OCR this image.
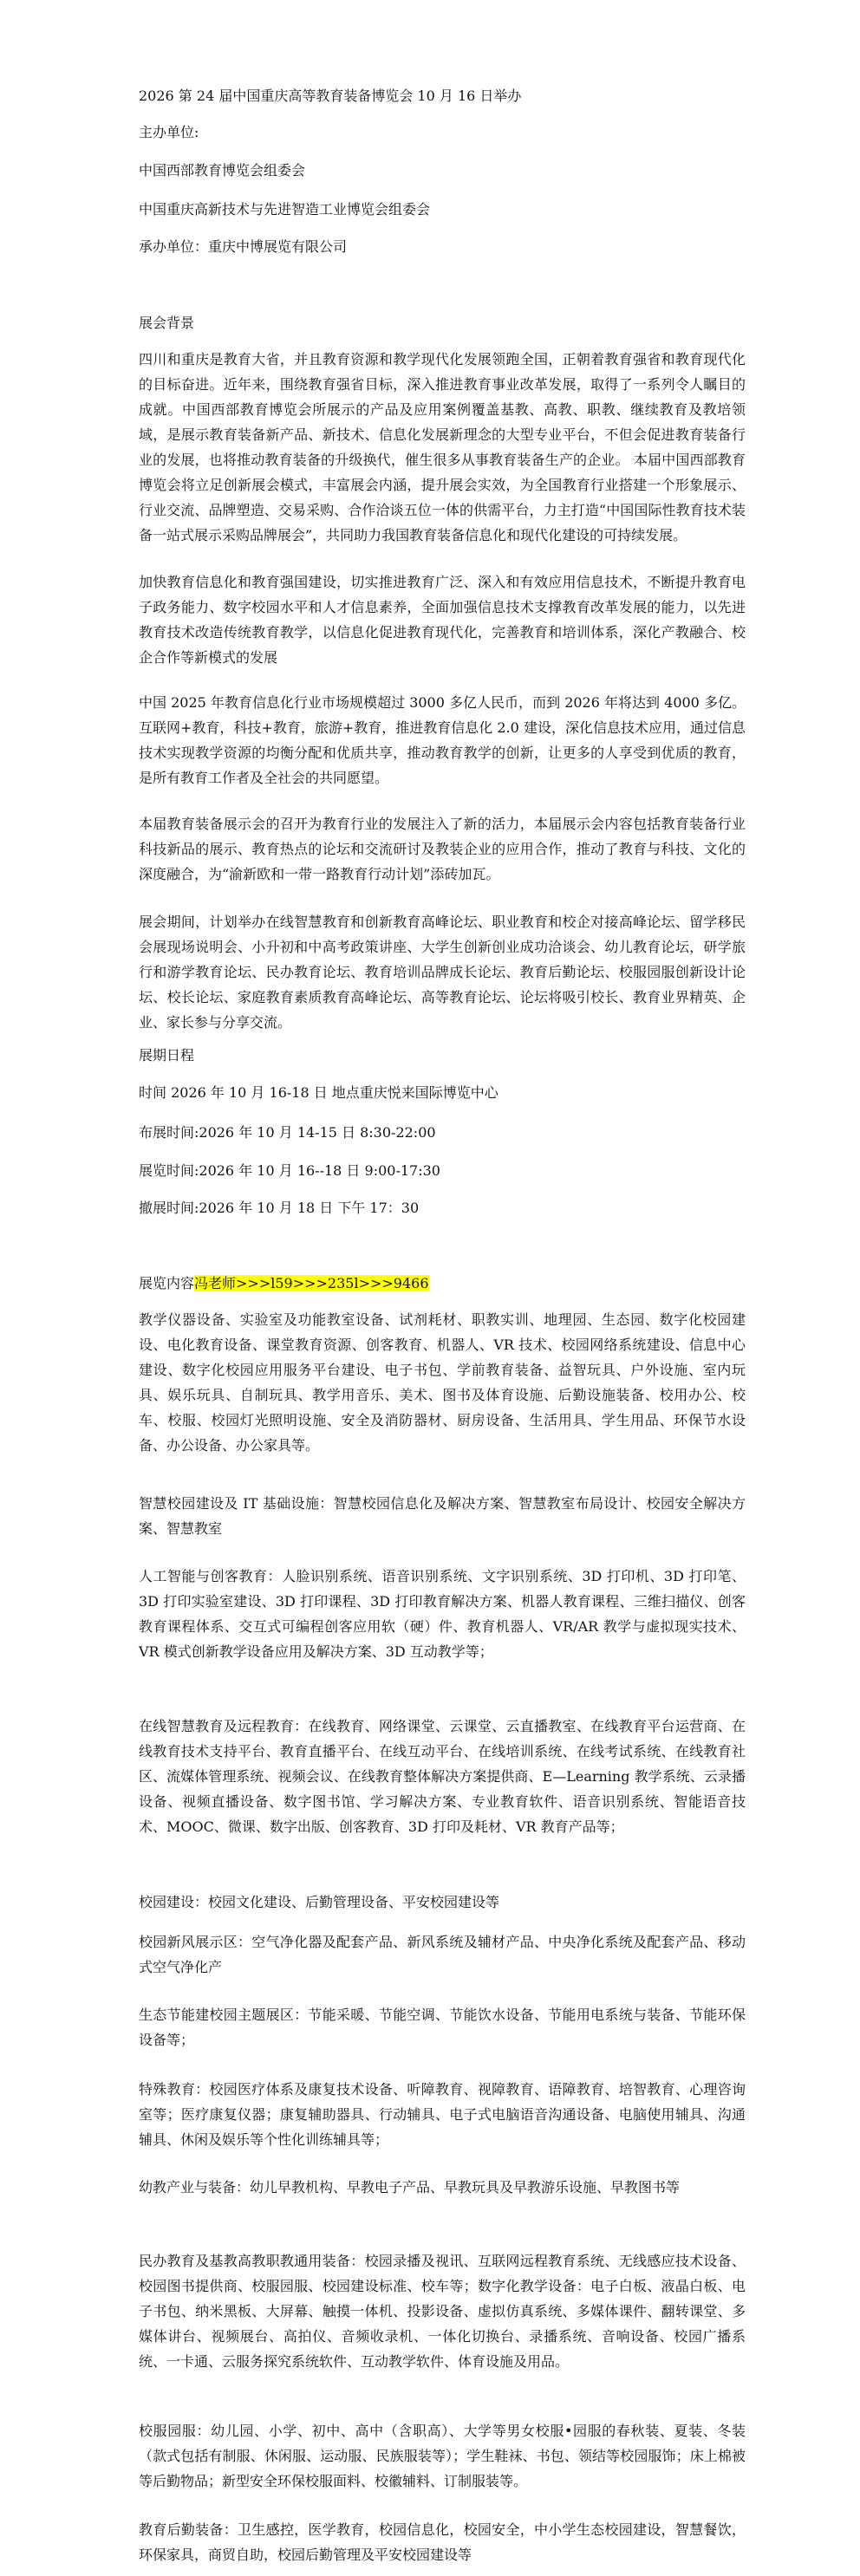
2026 第 24 届中国重庆高等教育装备博览会 10 月 16 日举办
主办单位:
中国西部教育博览会组委会
中国重庆高新技术与先进智造工业博览会组委会
承办单位：重庆中博展览有限公司
展会背景

四川和重庆是教育大省，并且教育资源和教学现代化发展领跑全国，正朝着教育强省和教育现代化的目标奋进。近年来，围绕教育强省目标，深入推进教育事业改革发展，取得了一系列令人瞩目的成就。中国西部教育博览会所展示的产品及应用案例覆盖基教、高教、职教、继续教育及教培领域，是展示教育装备新产品、新技术、信息化发展新理念的大型专业平台，不但会促进教育装备行业的发展，也将推动教育装备的升级换代，催生很多从事教育装备生产的企业。 本届中国西部教育博览会将立足创新展会模式，丰富展会内涵，提升展会实效，为全国教育行业搭建一个形象展示、行业交流、品牌塑造、交易采购、合作洽谈五位一体的供需平台，力主打造“中国国际性教育技术装备一站式展示采购品牌展会”，共同助力我国教育装备信息化和现代化建设的可持续发展。

加快教育信息化和教育强国建设，切实推进教育广泛、深入和有效应用信息技术，不断提升教育电子政务能力、数字校园水平和人才信息素养，全面加强信息技术支撑教育改革发展的能力，以先进教育技术改造传统教育教学，以信息化促进教育现代化，完善教育和培训体系，深化产教融合、校企合作等新模式的发展

中国 2025 年教育信息化行业市场规模超过 3000 多亿人民币，而到 2026 年将达到 4000 多亿。互联网+教育，科技+教育，旅游+教育，推进教育信息化 2.0 建设，深化信息技术应用，通过信息技术实现教学资源的均衡分配和优质共享，推动教育教学的创新，让更多的人享受到优质的教育，是所有教育工作者及全社会的共同愿望。

本届教育装备展示会的召开为教育行业的发展注入了新的活力，本届展示会内容包括教育装备行业科技新品的展示、教育热点的论坛和交流研讨及教装企业的应用合作，推动了教育与科技、文化的深度融合，为“渝新欧和一带一路教育行动计划”添砖加瓦。

展会期间，计划举办在线智慧教育和创新教育高峰论坛、职业教育和校企对接高峰论坛、留学移民会展现场说明会、小升初和中高考政策讲座、大学生创新创业成功洽谈会、幼儿教育论坛，研学旅行和游学教育论坛、民办教育论坛、教育培训品牌成长论坛、教育后勤论坛、校服园服创新设计论坛、校长论坛、家庭教育素质教育高峰论坛、高等教育论坛、论坛将吸引校长、教育业界精英、企业、家长参与分享交流。

展期日程
时间 2026 年 10 月 16-18 日 地点重庆悦来国际博览中心
布展时间:2026 年 10 月 14-15 日 8:30-22:00
展览时间:2026 年 10 月 16--18 日 9:00-17:30
撤展时间:2026 年 10 月 18 日 下午 17：30
展览内容冯老师>>>l59>>>235l>>>9466

教学仪器设备、实验室及功能教室设备、试剂耗材、职教实训、地理园、生态园、数字化校园建设、电化教育设备、课堂教育资源、创客教育、机器人、VR 技术、校园网络系统建设、信息中心建设、数字化校园应用服务平台建设、电子书包、学前教育装备、益智玩具、户外设施、室内玩具、娱乐玩具、自制玩具、教学用音乐、美术、图书及体育设施、后勤设施装备、校用办公、校车、校服、校园灯光照明设施、安全及消防器材、厨房设备、生活用具、学生用品、环保节水设备、办公设备、办公家具等。

智慧校园建设及 IT 基础设施：智慧校园信息化及解决方案、智慧教室布局设计、校园安全解决方案、智慧教室

人工智能与创客教育：人脸识别系统、语音识别系统、文字识别系统、3D 打印机、3D 打印笔、3D 打印实验室建设、3D 打印课程、3D 打印教育解决方案、机器人教育课程、三维扫描仪、创客教育课程体系、交互式可编程创客应用软（硬）件、教育机器人、VR/AR 教学与虚拟现实技术、VR 模式创新教学设备应用及解决方案、3D 互动教学等；

在线智慧教育及远程教育：在线教育、网络课堂、云课堂、云直播教室、在线教育平台运营商、在线教育技术支持平台、教育直播平台、在线互动平台、在线培训系统、在线考试系统、在线教育社区、流媒体管理系统、视频会议、在线教育整体解决方案提供商、E—Learning 教学系统、云录播设备、视频直播设备、数字图书馆、学习解决方案、专业教育软件、语音识别系统、智能语音技术、MOOC、微课、数字出版、创客教育、3D 打印及耗材、VR 教育产品等；

校园建设：校园文化建设、后勤管理设备、平安校园建设等

校园新风展示区：空气净化器及配套产品、新风系统及辅材产品、中央净化系统及配套产品、移动式空气净化产

生态节能建校园主题展区：节能采暖、节能空调、节能饮水设备、节能用电系统与装备、节能环保设备等；

特殊教育：校园医疗体系及康复技术设备、听障教育、视障教育、语障教育、培智教育、心理咨询室等；医疗康复仪器；康复辅助器具、行动辅具、电子式电脑语音沟通设备、电脑使用辅具、沟通辅具、休闲及娱乐等个性化训练辅具等；

幼教产业与装备：幼儿早教机构、早教电子产品、早教玩具及早教游乐设施、早教图书等

民办教育及基教高教职教通用装备：校园录播及视讯、互联网远程教育系统、无线感应技术设备、校园图书提供商、校服园服、校园建设标准、校车等；数字化教学设备：电子白板、液晶白板、电子书包、纳米黑板、大屏幕、触摸一体机、投影设备、虚拟仿真系统、多媒体课件、翻转课堂、多媒体讲台、视频展台、高拍仪、音频收录机、一体化切换台、录播系统、音响设备、校园广播系统、一卡通、云服务探究系统软件、互动教学软件、体育设施及用品。

校服园服：幼儿园、小学、初中、高中（含职高）、大学等男女校服•园服的春秋装、夏装、冬装（款式包括有制服、休闲服、运动服、民族服装等）；学生鞋袜、书包、领结等校园服饰；床上棉被等后勤物品；新型安全环保校服面料、校徽辅料、订制服装等。

教育后勤装备：卫生感控，医学教育，校园信息化，校园安全，中小学生态校园建设，智慧餐饮，环保家具，商贸自助，校园后勤管理及平安校园建设等
